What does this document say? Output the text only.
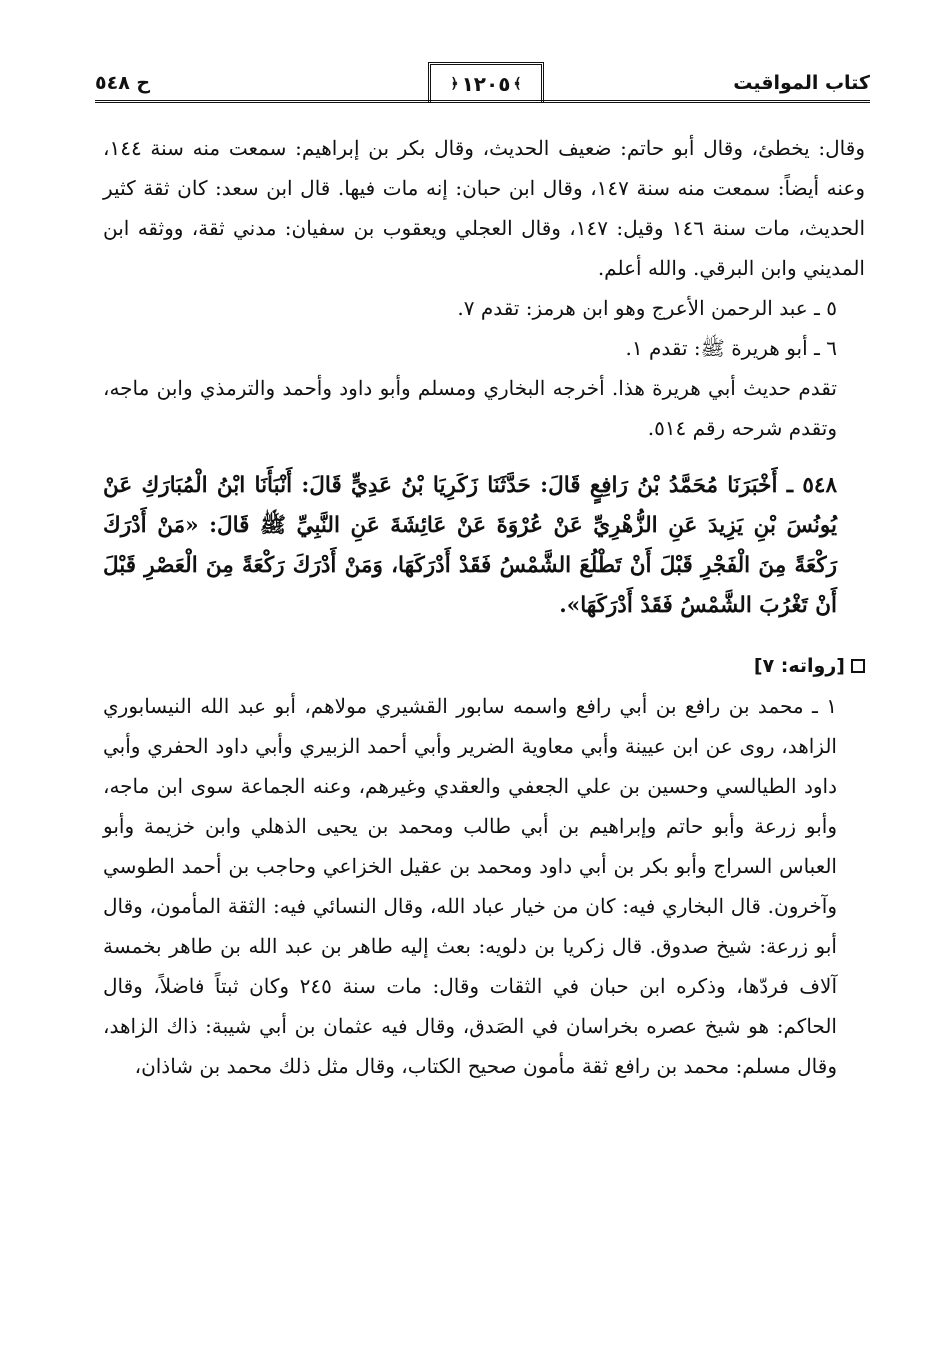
كتاب المواقيت
﴿ ١٢٠٥ ﴾
ح ٥٤٨

وقال: يخطئ، وقال أبو حاتم: ضعيف الحديث، وقال بكر بن إبراهيم: سمعت منه سنة ١٤٤، وعنه أيضاً: سمعت منه سنة ١٤٧، وقال ابن حبان: إنه مات فيها. قال ابن سعد: كان ثقة كثير الحديث، مات سنة ١٤٦ وقيل: ١٤٧، وقال العجلي ويعقوب بن سفيان: مدني ثقة، ووثقه ابن المديني وابن البرقي. والله أعلم.

٥ ـ عبد الرحمن الأعرج وهو ابن هرمز: تقدم ٧.

٦ ـ أبو هريرة ﷺ: تقدم ١.

تقدم حديث أبي هريرة هذا. أخرجه البخاري ومسلم وأبو داود وأحمد والترمذي وابن ماجه، وتقدم شرحه رقم ٥١٤.

٥٤٨ ـ أَخْبَرَنَا مُحَمَّدُ بْنُ رَافِعٍ قَالَ: حَدَّثَنَا زَكَرِيَا بْنُ عَدِيٍّ قَالَ: أَنْبَأَنَا ابْنُ الْمُبَارَكِ عَنْ يُونُسَ بْنِ يَزِيدَ عَنِ الزُّهْرِيِّ عَنْ عُرْوَةَ عَنْ عَائِشَةَ عَنِ النَّبِيِّ ﷺ قَالَ: «مَنْ أَدْرَكَ رَكْعَةً مِنَ الْفَجْرِ قَبْلَ أَنْ تَطْلُعَ الشَّمْسُ فَقَدْ أَدْرَكَهَا، وَمَنْ أَدْرَكَ رَكْعَةً مِنَ الْعَصْرِ قَبْلَ أَنْ تَغْرُبَ الشَّمْسُ فَقَدْ أَدْرَكَهَا».

[رواته: ٧]

١ ـ محمد بن رافع بن أبي رافع واسمه سابور القشيري مولاهم، أبو عبد الله النيسابوري الزاهد، روى عن ابن عيينة وأبي معاوية الضرير وأبي أحمد الزبيري وأبي داود الحفري وأبي داود الطيالسي وحسين بن علي الجعفي والعقدي وغيرهم، وعنه الجماعة سوى ابن ماجه، وأبو زرعة وأبو حاتم وإبراهيم بن أبي طالب ومحمد بن يحيى الذهلي وابن خزيمة وأبو العباس السراج وأبو بكر بن أبي داود ومحمد بن عقيل الخزاعي وحاجب بن أحمد الطوسي وآخرون. قال البخاري فيه: كان من خيار عباد الله، وقال النسائي فيه: الثقة المأمون، وقال أبو زرعة: شيخ صدوق. قال زكريا بن دلويه: بعث إليه طاهر بن عبد الله بن طاهر بخمسة آلاف فردّها، وذكره ابن حبان في الثقات وقال: مات سنة ٢٤٥ وكان ثبتاً فاضلاً، وقال الحاكم: هو شيخ عصره بخراسان في الصَدق، وقال فيه عثمان بن أبي شيبة: ذاك الزاهد، وقال مسلم: محمد بن رافع ثقة مأمون صحيح الكتاب، وقال مثل ذلك محمد بن شاذان،
